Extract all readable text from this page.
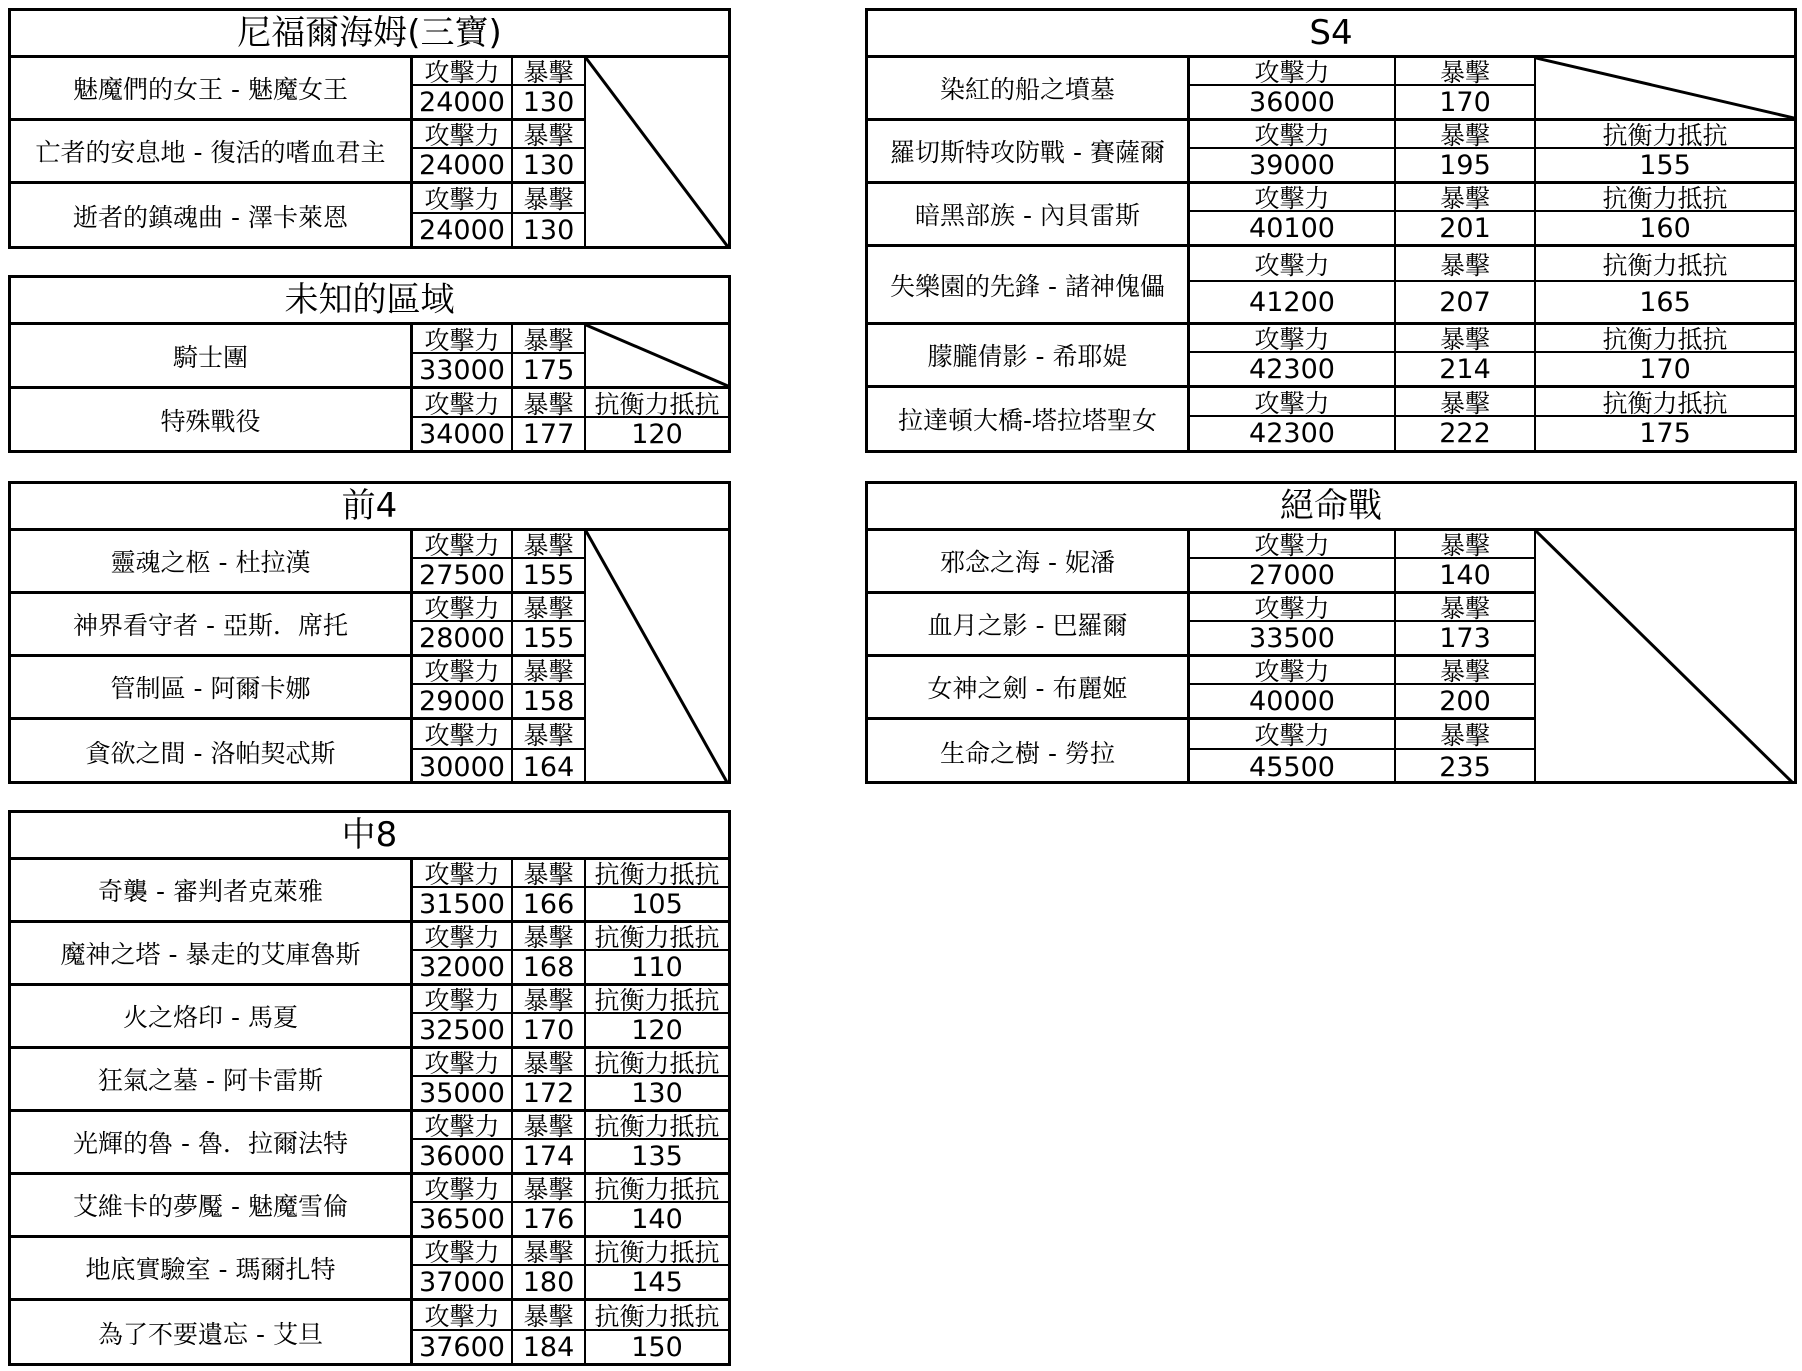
尼福爾海姆(三寶)
魅魔們的女王 - 魅魔女王
攻擊力
24000
暴擊
130
亡者的安息地 - 復活的嗜血君主
攻擊力
24000
暴擊
130
逝者的鎮魂曲 - 澤卡萊恩
攻擊力
24000
暴擊
130
未知的區域
騎士團
攻擊力
33000
暴擊
175
特殊戰役
攻擊力
34000
暴擊
177
抗衡力抵抗
120
前4
靈魂之柩 - 杜拉漢
攻擊力
27500
暴擊
155
神界看守者 - 亞斯．席托
攻擊力
28000
暴擊
155
管制區 - 阿爾卡娜
攻擊力
29000
暴擊
158
貪欲之間 - 洛帕契忒斯
攻擊力
30000
暴擊
164
中8
奇襲 - 審判者克萊雅
攻擊力
31500
暴擊
166
抗衡力抵抗
105
魔神之塔 - 暴走的艾庫魯斯
攻擊力
32000
暴擊
168
抗衡力抵抗
110
火之烙印 - 馬夏
攻擊力
32500
暴擊
170
抗衡力抵抗
120
狂氣之墓 - 阿卡雷斯
攻擊力
35000
暴擊
172
抗衡力抵抗
130
光輝的魯 - 魯．拉爾法特
攻擊力
36000
暴擊
174
抗衡力抵抗
135
艾維卡的夢魘 - 魅魔雪倫
攻擊力
36500
暴擊
176
抗衡力抵抗
140
地底實驗室 - 瑪爾扎特
攻擊力
37000
暴擊
180
抗衡力抵抗
145
為了不要遺忘 - 艾旦
攻擊力
37600
暴擊
184
抗衡力抵抗
150
S4
染紅的船之墳墓
攻擊力
36000
暴擊
170
羅切斯特攻防戰 - 賽薩爾
攻擊力
39000
暴擊
195
抗衡力抵抗
155
暗黑部族 - 內貝雷斯
攻擊力
40100
暴擊
201
抗衡力抵抗
160
失樂園的先鋒 - 諸神傀儡
攻擊力
41200
暴擊
207
抗衡力抵抗
165
朦朧倩影 - 希耶媞
攻擊力
42300
暴擊
214
抗衡力抵抗
170
拉達頓大橋-塔拉塔聖女
攻擊力
42300
暴擊
222
抗衡力抵抗
175
絕命戰
邪念之海 - 妮潘
攻擊力
27000
暴擊
140
血月之影 - 巴羅爾
攻擊力
33500
暴擊
173
女神之劍 - 布麗姬
攻擊力
40000
暴擊
200
生命之樹 - 勞拉
攻擊力
45500
暴擊
235
